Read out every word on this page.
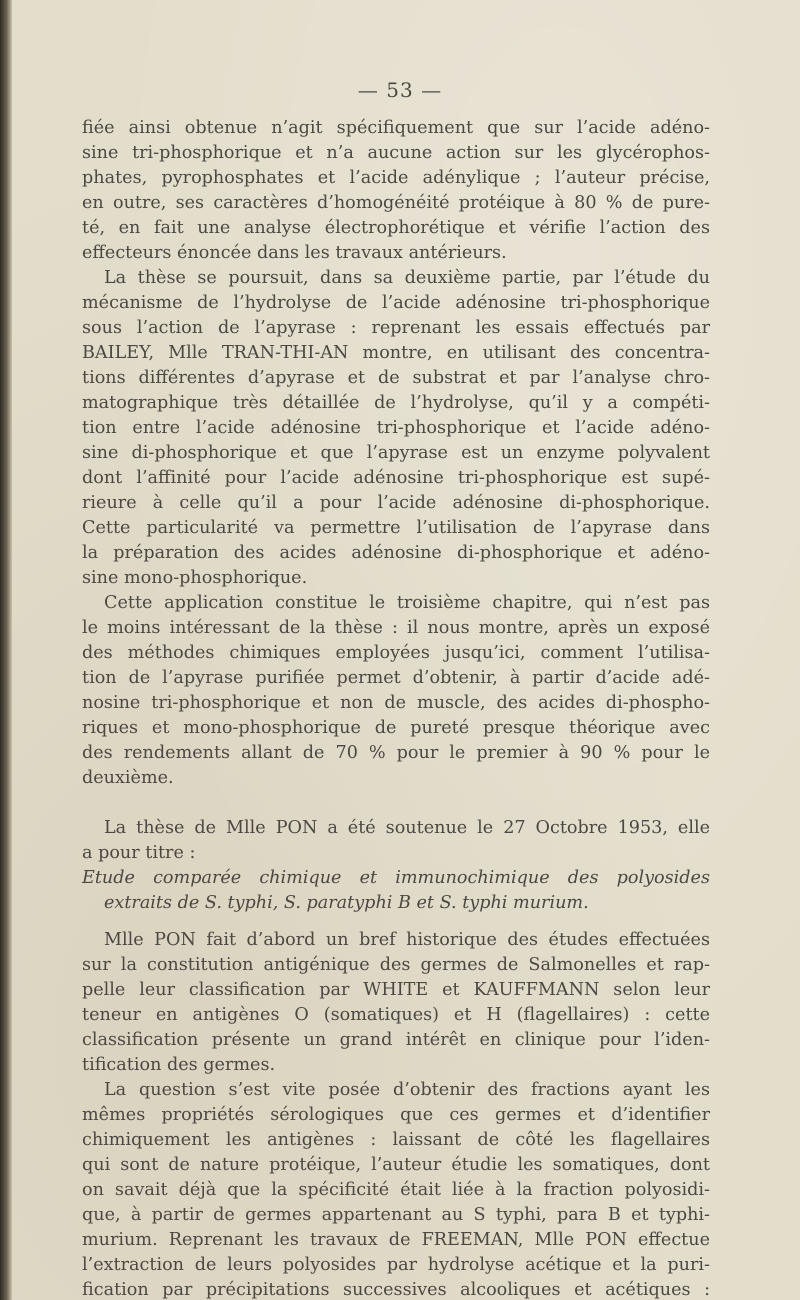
— 53 —

fiée ainsi obtenue n’agit spécifiquement que sur l’acide adéno-
sine tri-phosphorique et n’a aucune action sur les glycérophos-
phates, pyrophosphates et l’acide adénylique ; l’auteur précise,
en outre, ses caractères d’homogénéité protéique à 80 % de pure-
té, en fait une analyse électrophorétique et vérifie l’action des
effecteurs énoncée dans les travaux antérieurs.

La thèse se poursuit, dans sa deuxième partie, par l’étude du
mécanisme de l’hydrolyse de l’acide adénosine tri-phosphorique
sous l’action de l’apyrase : reprenant les essais effectués par
BAILEY, Mlle TRAN-THI-AN montre, en utilisant des concentra-
tions différentes d’apyrase et de substrat et par l’analyse chro-
matographique très détaillée de l’hydrolyse, qu’il y a compéti-
tion entre l’acide adénosine tri-phosphorique et l’acide adéno-
sine di-phosphorique et que l’apyrase est un enzyme polyvalent
dont l’affinité pour l’acide adénosine tri-phosphorique est supé-
rieure à celle qu’il a pour l’acide adénosine di-phosphorique.
Cette particularité va permettre l’utilisation de l’apyrase dans
la préparation des acides adénosine di-phosphorique et adéno-
sine mono-phosphorique.

Cette application constitue le troisième chapitre, qui n’est pas
le moins intéressant de la thèse : il nous montre, après un exposé
des méthodes chimiques employées jusqu’ici, comment l’utilisa-
tion de l’apyrase purifiée permet d’obtenir, à partir d’acide adé-
nosine tri-phosphorique et non de muscle, des acides di-phospho-
riques et mono-phosphorique de pureté presque théorique avec
des rendements allant de 70 % pour le premier à 90 % pour le
deuxième.

La thèse de Mlle PON a été soutenue le 27 Octobre 1953, elle
a pour titre :

Etude comparée chimique et immunochimique des polyosides
extraits de S. typhi, S. paratyphi B et S. typhi murium.

Mlle PON fait d’abord un bref historique des études effectuées
sur la constitution antigénique des germes de Salmonelles et rap-
pelle leur classification par WHITE et KAUFFMANN selon leur
teneur en antigènes O (somatiques) et H (flagellaires) : cette
classification présente un grand intérêt en clinique pour l’iden-
tification des germes.

La question s’est vite posée d’obtenir des fractions ayant les
mêmes propriétés sérologiques que ces germes et d’identifier
chimiquement les antigènes : laissant de côté les flagellaires
qui sont de nature protéique, l’auteur étudie les somatiques, dont
on savait déjà que la spécificité était liée à la fraction polyosidi-
que, à partir de germes appartenant au S typhi, para B et typhi-
murium. Reprenant les travaux de FREEMAN, Mlle PON effectue
l’extraction de leurs polyosides par hydrolyse acétique et la puri-
fication par précipitations successives alcooliques et acétiques :
